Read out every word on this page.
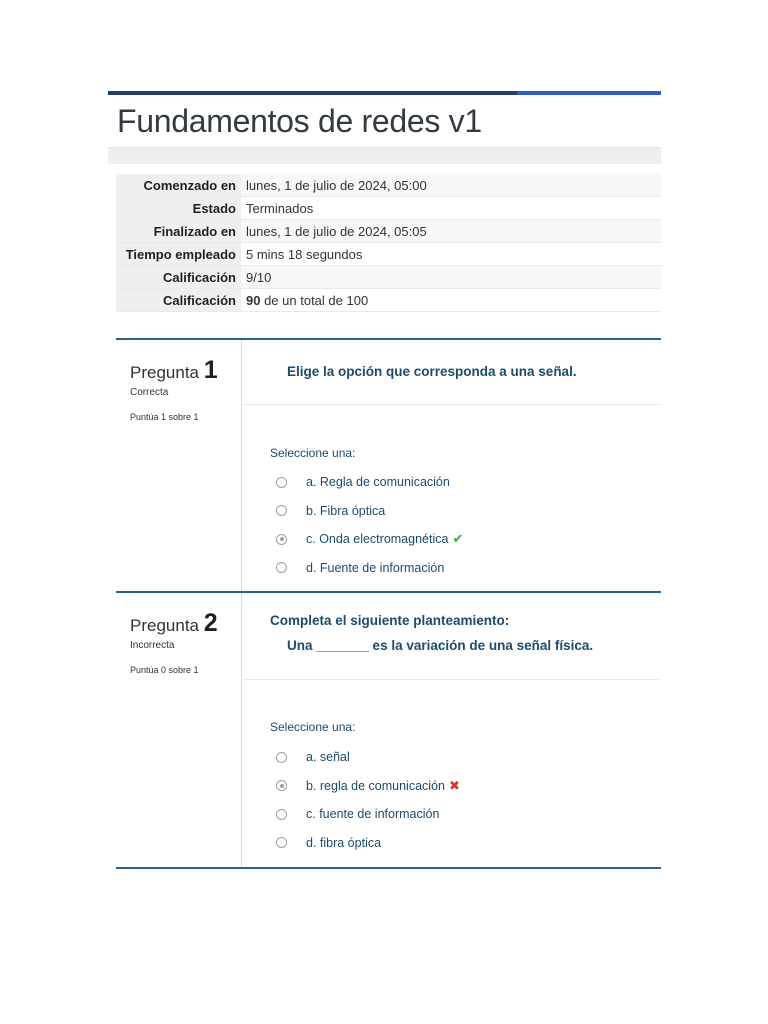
Fundamentos de redes v1
Comenzado en	lunes, 1 de julio de 2024, 05:00
Estado	Terminados
Finalizado en	lunes, 1 de julio de 2024, 05:05
Tiempo empleado	5 mins 18 segundos
Calificación	9/10
Calificación	90 de un total de 100
Pregunta 1
Correcta
Puntúa 1 sobre 1
Elige la opción que corresponda a una señal.
Seleccione una:
a. Regla de comunicación
b. Fibra óptica
c. Onda electromagnética ✔
d. Fuente de información
Pregunta 2
Incorrecta
Puntúa 0 sobre 1
Completa el siguiente planteamiento:
Una _______ es la variación de una señal física.
Seleccione una:
a. señal
b. regla de comunicación ✖
c. fuente de información
d. fibra óptica
